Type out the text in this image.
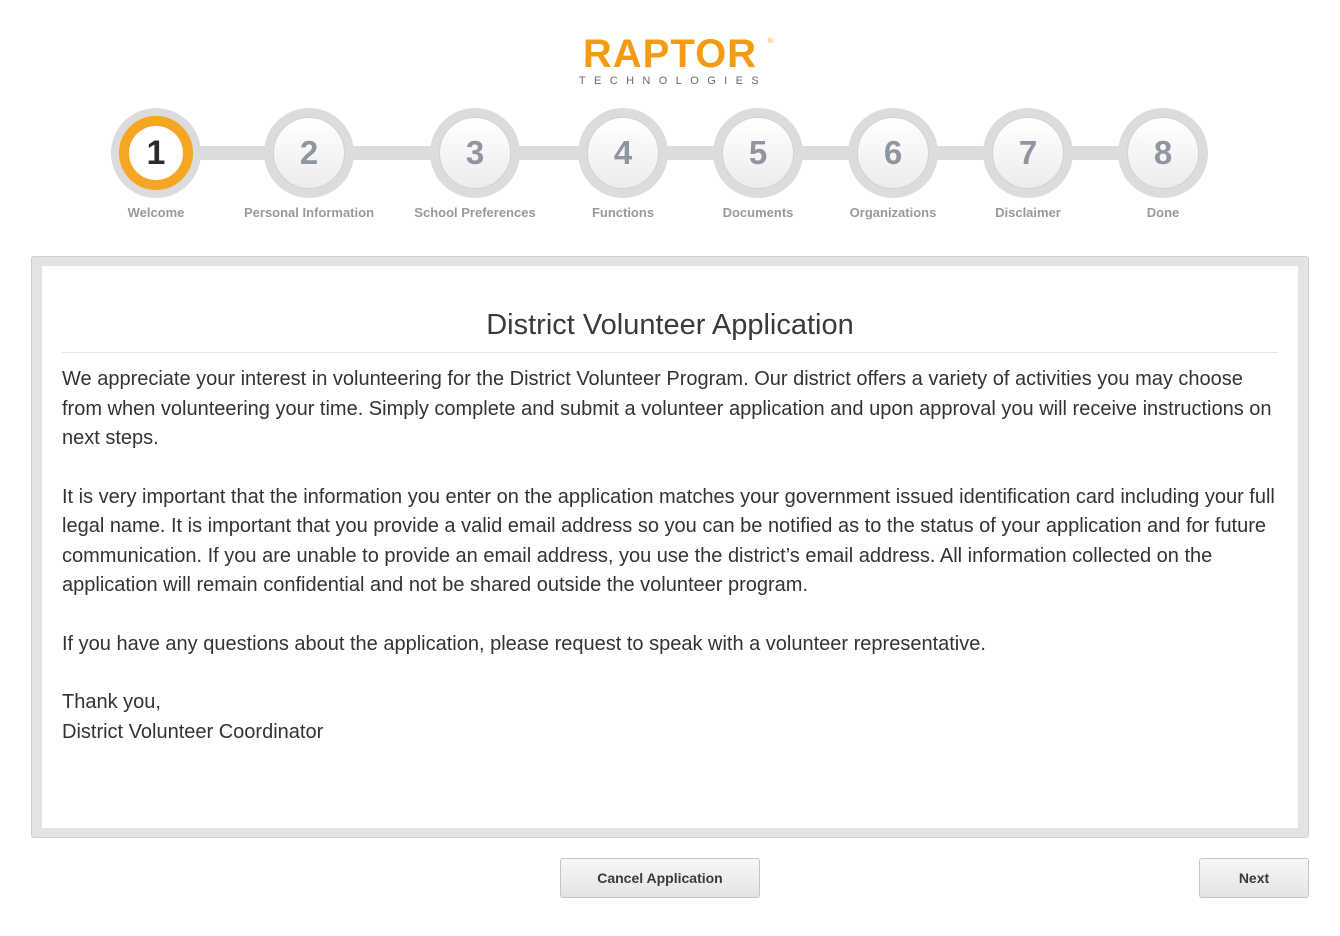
RAPTOR	®
TECHNOLOGIES
1
Welcome
2
Personal Information
3
School Preferences
4
Functions
5
Documents
6
Organizations
7
Disclaimer
8
Done
District Volunteer Application

We appreciate your interest in volunteering for the District Volunteer Program. Our district offers a variety of activities you may choose from when volunteering your time. Simply complete and submit a volunteer application and upon approval you will receive instructions on next steps.

It is very important that the information you enter on the application matches your government issued identification card including your full legal name. It is important that you provide a valid email address so you can be notified as to the status of your application and for future communication. If you are unable to provide an email address, you use the district’s email address. All information collected on the application will remain confidential and not be shared outside the volunteer program.

If you have any questions about the application, please request to speak with a volunteer representative.

Thank you,

District Volunteer Coordinator

Cancel Application	Next
